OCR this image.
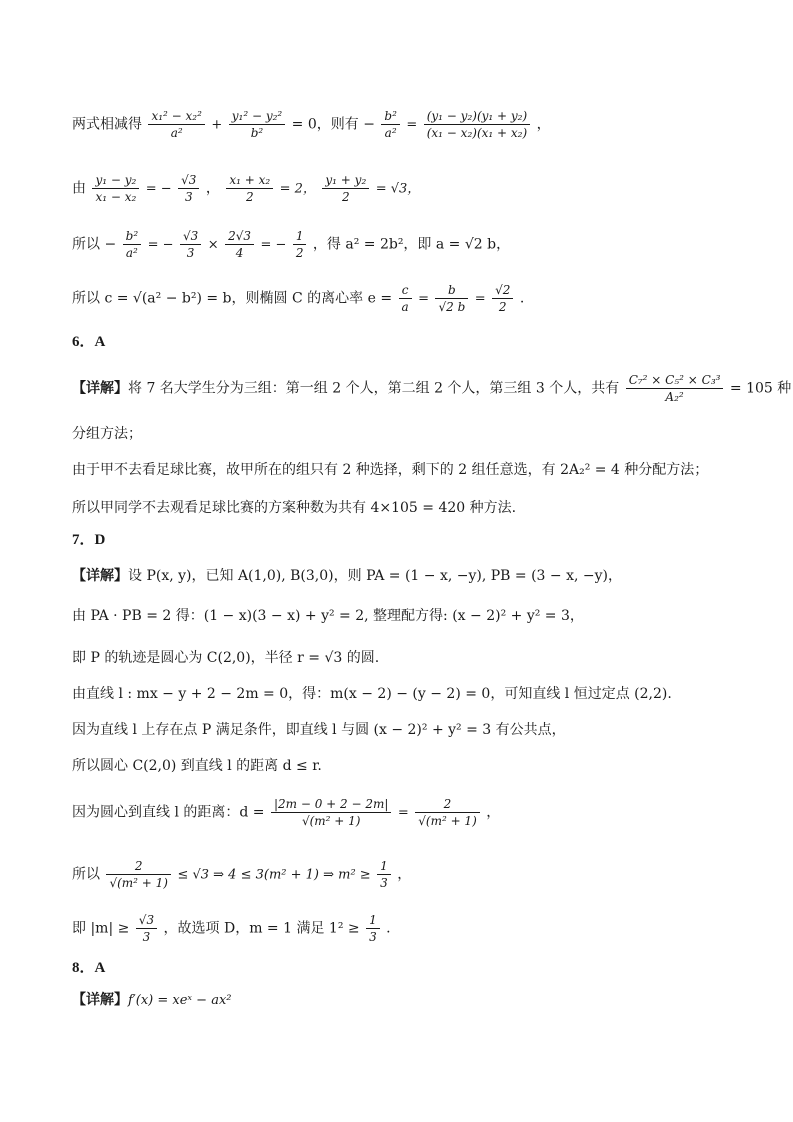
两式相减得 $\frac{\text{x₁² − x₂²}}{\text{a²}} + \frac{\text{y₁² − y₂²}}{\text{b²}} = 0$，则有 − $\frac{\text{b²}}{\text{a²}} = \frac{\text{(y₁ − y₂)(y₁ + y₂)}}{\text{(x₁ − x₂)(x₁ + x₂)}}$ ，
由 $\frac{\text{y₁ − y₂}}{\text{x₁ − x₂}}$ = − $\frac{√3}{3}$ ， $\frac{\text{x₁ + x₂}}{2} = 2$， $\frac{\text{y₁ + y₂}}{2} = √3$，
所以 − $\frac{\text{b²}}{\text{a²}}$ = − $\frac{√3}{3} \times \frac{2√3}{4}$ = − $\frac{1}{2}$ ，得 a² = 2b²，即 a = √2 b，
所以 c = √(a² − b²) = b，则椭圆 C 的离心率 $e = \frac{c}{a} = \frac{b}{√2 b} = \frac{√2}{2}$ .
6．A
【详解】将 7 名大学生分为三组：第一组 2 个人，第二组 2 个人，第三组 3 个人，共有 $\frac{\text{C₇² × C₅² × C₃³}}{\text{A₂²}} = 105$ 种
分组方法；
由于甲不去看足球比赛，故甲所在的组只有 2 种选择，剩下的 2 组任意选，有 2A₂² = 4 种分配方法；
所以甲同学不去观看足球比赛的方案种数为共有 4×105 = 420 种方法.
7．D
【详解】设 P(x, y)，已知 A(1,0), B(3,0)，则 PA = (1 − x, −y), PB = (3 − x, −y)，
由 PA · PB = 2 得：(1 − x)(3 − x) + y² = 2, 整理配方得: (x − 2)² + y² = 3，
即 P 的轨迹是圆心为 C(2,0)，半径 r = √3 的圆.
由直线 l : mx − y + 2 − 2m = 0，得：m(x − 2) − (y − 2) = 0，可知直线 l 恒过定点 (2,2).
因为直线 l 上存在点 P 满足条件，即直线 l 与圆 (x − 2)² + y² = 3 有公共点，
所以圆心 C(2,0) 到直线 l 的距离 d ≤ r.
因为圆心到直线 l 的距离：$d = \frac{|2m - 0 + 2 - 2m|}{\text{√(m² + 1)}} = \frac{2}{\text{√(m² + 1)}}$ ，
所以 $\frac{2}{\text{√(m² + 1)}} \le √3$ ⇒ 4 ≤ 3(m² + 1) ⇒ $m^2 \ge \frac{1}{3}$ ，
即 $|m| \ge \frac{√3}{3}$ ，故选项 D，m = 1 满足 $1^2 \ge \frac{1}{3}$ .
8．A
【详解】f′(x) = xeˣ − ax²
